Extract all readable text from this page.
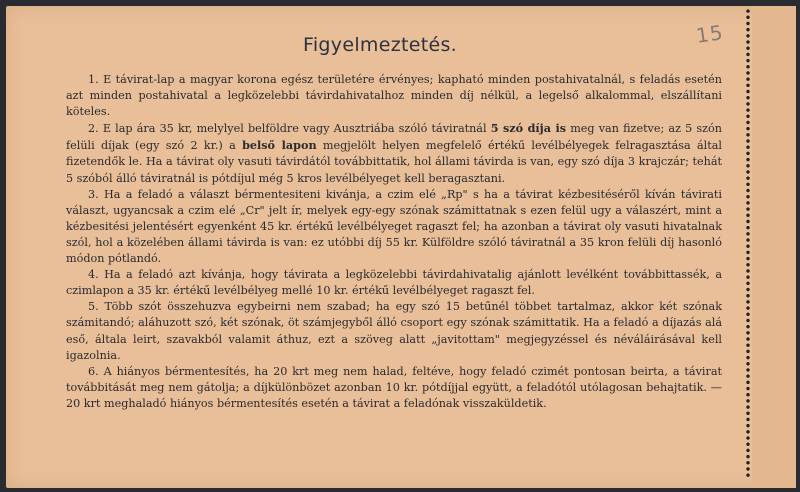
15
Figyelmeztetés.

1. E távirat-lap a magyar korona egész területére érvényes; kapható minden postahivatalnál, s feladás esetén azt minden postahivatal a legközelebbi távirdahivatalhoz minden díj nélkül, a legelső alkalommal, elszállítani köteles.

2. E lap ára 35 kr, melylyel belföldre vagy Ausztriába szóló táviratnál 5 szó díja is meg van fizetve; az 5 szón felüli díjak (egy szó 2 kr.) a belső lapon megjelölt helyen megfelelő értékű levélbélyegek felragasztása által fizetendők le. Ha a távirat oly vasuti távirdától továbbittatik, hol állami távirda is van, egy szó díja 3 krajczár; tehát 5 szóból álló táviratnál is pótdíjul még 5 kros levélbélyeget kell beragasztani.

3. Ha a feladó a választ bérmentesiteni kivánja, a czim elé „Rp" s ha a távirat kézbesitéséről kíván távirati választ, ugyancsak a czim elé „Cr" jelt ír, melyek egy-egy szónak számittatnak s ezen felül ugy a válaszért, mint a kézbesitési jelentésért egyenként 45 kr. értékű levélbélyeget ragaszt fel; ha azonban a távirat oly vasuti hivatalnak szól, hol a közelében állami távirda is van: ez utóbbi díj 55 kr. Külföldre szóló táviratnál a 35 kron felüli díj hasonló módon pótlandó.

4. Ha a feladó azt kívánja, hogy távirata a legközelebbi távirdahivatalig ajánlott levélként továbbittassék, a czimlapon a 35 kr. értékű levélbélyeg mellé 10 kr. értékű levélbélyeget ragaszt fel.

5. Több szót összehuzva egybeirni nem szabad; ha egy szó 15 betűnél többet tartalmaz, akkor két szónak számitandó; aláhuzott szó, két szónak, öt számjegyből álló csoport egy szónak számittatik. Ha a feladó a díjazás alá eső, általa leirt, szavakból valamit áthuz, ezt a szöveg alatt „javitottam" megjegyzéssel és néváláirásával kell igazolnia.

6. A hiányos bérmentesítés, ha 20 krt meg nem halad, feltéve, hogy feladó czimét pontosan beirta, a távirat továbbitását meg nem gátolja; a díjkülönbözet azonban 10 kr. pótdíjjal együtt, a feladótól utólagosan behajtatik. — 20 krt meghaladó hiányos bérmentesítés esetén a távirat a feladónak visszaküldetik.
